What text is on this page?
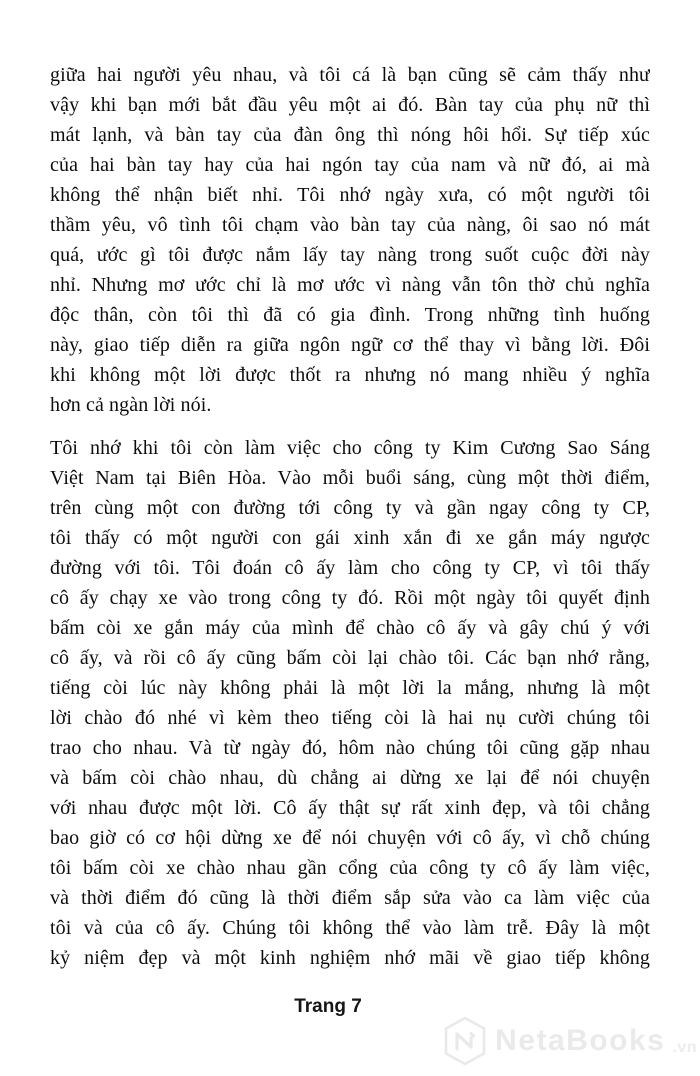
giữa hai người yêu nhau, và tôi cá là bạn cũng sẽ cảm thấy như
vậy khi bạn mới bắt đầu yêu một ai đó. Bàn tay của phụ nữ thì
mát lạnh, và bàn tay của đàn ông thì nóng hôi hổi. Sự tiếp xúc
của hai bàn tay hay của hai ngón tay của nam và nữ đó, ai mà
không thể nhận biết nhỉ. Tôi nhớ ngày xưa, có một người tôi
thầm yêu, vô tình tôi chạm vào bàn tay của nàng, ôi sao nó mát
quá, ước gì tôi được nắm lấy tay nàng trong suốt cuộc đời này
nhỉ. Nhưng mơ ước chỉ là mơ ước vì nàng vẫn tôn thờ chủ nghĩa
độc thân, còn tôi thì đã có gia đình. Trong những tình huống
này, giao tiếp diễn ra giữa ngôn ngữ cơ thể thay vì bằng lời. Đôi
khi không một lời được thốt ra nhưng nó mang nhiều ý nghĩa
hơn cả ngàn lời nói.
Tôi nhớ khi tôi còn làm việc cho công ty Kim Cương Sao Sáng
Việt Nam tại Biên Hòa. Vào mỗi buổi sáng, cùng một thời điểm,
trên cùng một con đường tới công ty và gần ngay công ty CP,
tôi thấy có một người con gái xinh xắn đi xe gắn máy ngược
đường với tôi. Tôi đoán cô ấy làm cho công ty CP, vì tôi thấy
cô ấy chạy xe vào trong công ty đó. Rồi một ngày tôi quyết định
bấm còi xe gắn máy của mình để chào cô ấy và gây chú ý với
cô ấy, và rồi cô ấy cũng bấm còi lại chào tôi. Các bạn nhớ rằng,
tiếng còi lúc này không phải là một lời la mắng, nhưng là một
lời chào đó nhé vì kèm theo tiếng còi là hai nụ cười chúng tôi
trao cho nhau. Và từ ngày đó, hôm nào chúng tôi cũng gặp nhau
và bấm còi chào nhau, dù chẳng ai dừng xe lại để nói chuyện
với nhau được một lời. Cô ấy thật sự rất xinh đẹp, và tôi chẳng
bao giờ có cơ hội dừng xe để nói chuyện với cô ấy, vì chỗ chúng
tôi bấm còi xe chào nhau gần cổng của công ty cô ấy làm việc,
và thời điểm đó cũng là thời điểm sắp sửa vào ca làm việc của
tôi và của cô ấy. Chúng tôi không thể vào làm trễ. Đây là một
kỷ niệm đẹp và một kinh nghiệm nhớ mãi về giao tiếp không
Trang 7
NetaBooks .vn
